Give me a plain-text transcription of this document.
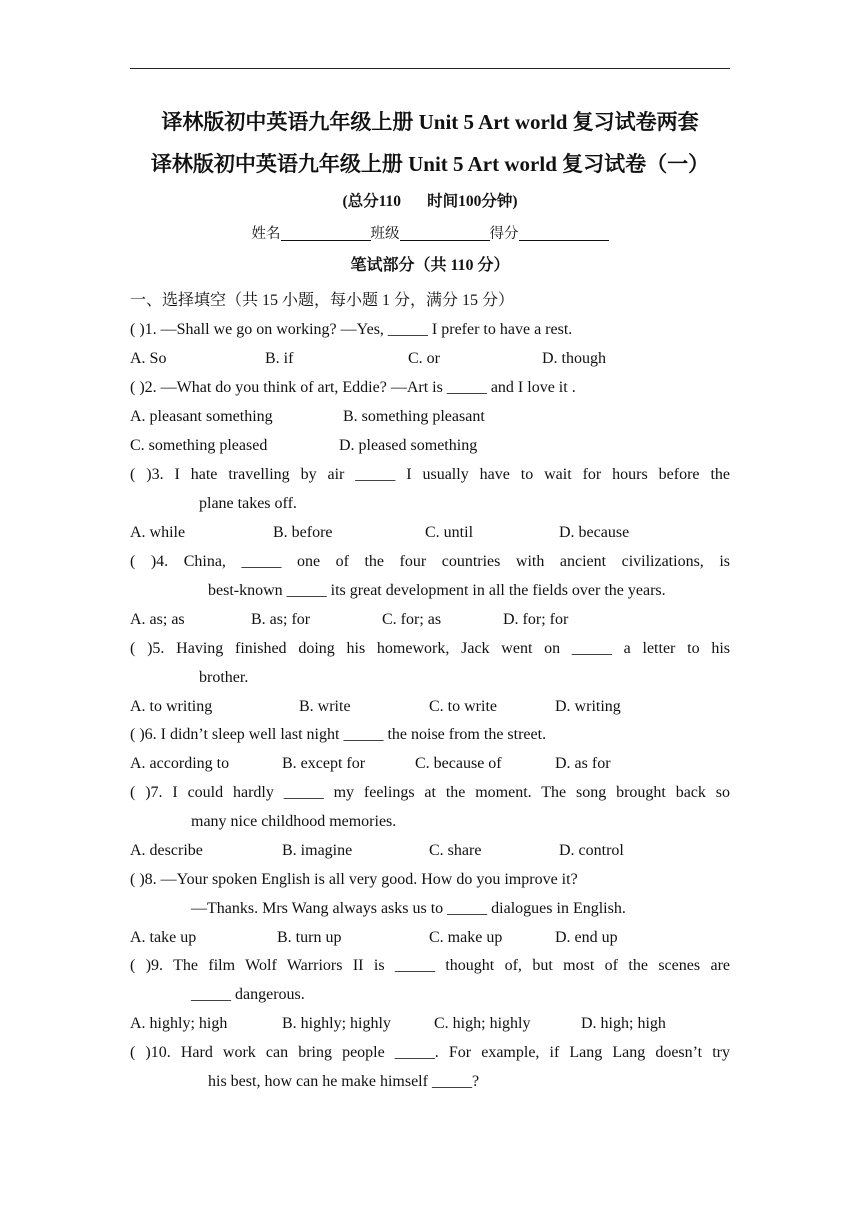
译林版初中英语九年级上册 Unit 5 Art world 复习试卷两套
译林版初中英语九年级上册 Unit 5 Art world 复习试卷（一）
(总分110 时间100分钟)
姓名	班级	得分
笔试部分（共 110 分）
一、选择填空（共 15 小题，每小题 1 分，满分 15 分）
( )1. —Shall we go on working? —Yes, _____ I prefer to have a rest.
A. So	B. if	C. or	D. though
( )2. —What do you think of art, Eddie? —Art is _____ and I love it .
A. pleasant something	B. something pleasant
C. something pleased	D. pleased something
( )3. I hate travelling by air _____ I usually have to wait for hours before the
plane takes off.
A. while	B. before	C. until	D. because
( )4. China, _____ one of the four countries with ancient civilizations, is
best-known _____ its great development in all the fields over the years.
A. as; as	B. as; for	C. for; as	D. for; for
( )5. Having finished doing his homework, Jack went on _____ a letter to his
brother.
A. to writing	B. write	C. to write	D. writing
( )6. I didn’t sleep well last night _____ the noise from the street.
A. according to	B. except for	C. because of	D. as for
( )7. I could hardly _____ my feelings at the moment. The song brought back so
many nice childhood memories.
A. describe	B. imagine	C. share	D. control
( )8. —Your spoken English is all very good. How do you improve it?
—Thanks. Mrs Wang always asks us to _____ dialogues in English.
A. take up	B. turn up	C. make up	D. end up
( )9. The film Wolf Warriors II is _____ thought of, but most of the scenes are
_____ dangerous.
A. highly; high	B. highly; highly	C. high; highly	D. high; high
( )10. Hard work can bring people _____. For example, if Lang Lang doesn’t try
his best, how can he make himself _____?
